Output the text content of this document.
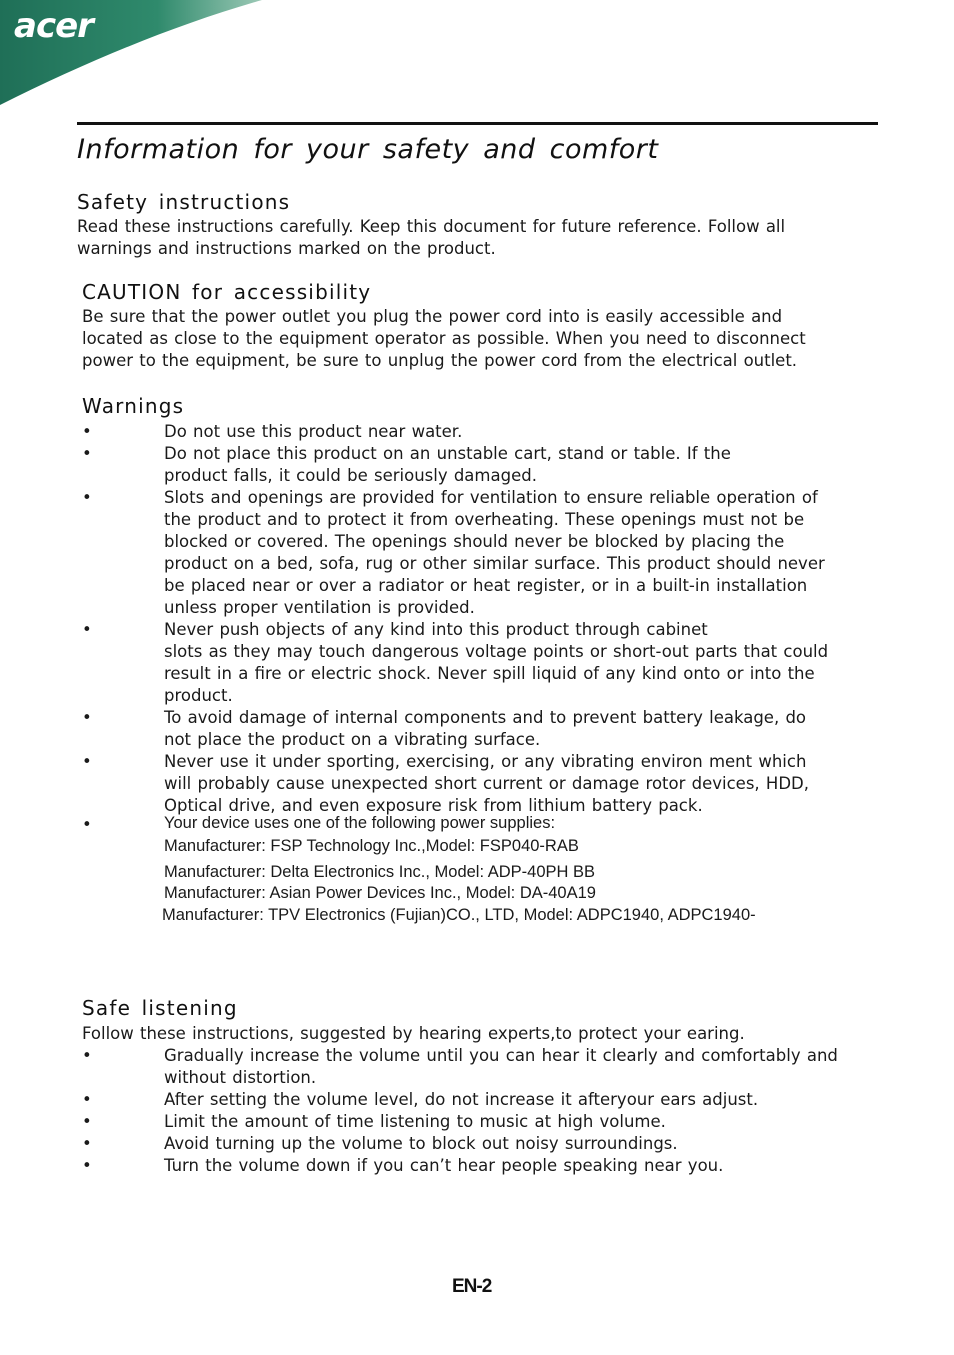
acer
Information for your safety and comfort
Safety instructions

Read these instructions carefully. Keep this document for future reference. Follow all

warnings and instructions marked on the product.

CAUTION for accessibility

Be sure that the power outlet you plug the power cord into is easily accessible and

located as close to the equipment operator as possible. When you need to disconnect

power to the equipment, be sure to unplug the power cord from the electrical outlet.

Warnings
•	Do not use this product near water.
•	Do not place this product on an unstable cart, stand or table. If the
product falls, it could be seriously damaged.
•	Slots and openings are provided for ventilation to ensure reliable operation of
the product and to protect it from overheating. These openings must not be
blocked or covered. The openings should never be blocked by placing the
product on a bed, sofa, rug or other similar surface. This product should never
be placed near or over a radiator or heat register, or in a built-in installation
unless proper ventilation is provided.
•	Never push objects of any kind into this product through cabinet
slots as they may touch dangerous voltage points or short-out parts that could
result in a fire or electric shock. Never spill liquid of any kind onto or into the
product.
•	To avoid damage of internal components and to prevent battery leakage, do
not place the product on a vibrating surface.
•	Never use it under sporting, exercising, or any vibrating environ ment which
will probably cause unexpected short current or damage rotor devices, HDD,
Optical drive, and even exposure risk from lithium battery pack.
•	Your device uses one of the following power supplies:
Manufacturer: FSP Technology Inc.,Model: FSP040-RAB
Manufacturer: Delta Electronics Inc., Model: ADP-40PH BB
Manufacturer: Asian Power Devices Inc., Model: DA-40A19
Manufacturer: TPV Electronics (Fujian)CO., LTD, Model: ADPC1940, ADPC1940-
Safe listening

Follow these instructions, suggested by hearing experts,to protect your earing.

•	Gradually increase the volume until you can hear it clearly and comfortably and
without distortion.
•	After setting the volume level, do not increase it afteryour ears adjust.
•	Limit the amount of time listening to music at high volume.
•	Avoid turning up the volume to block out noisy surroundings.
•	Turn the volume down if you can’t hear people speaking near you.
EN-2
